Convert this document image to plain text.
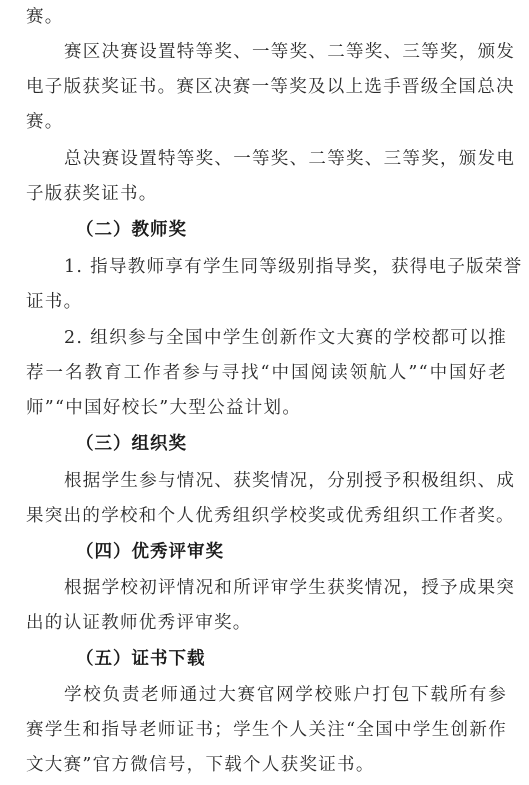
赛。
赛区决赛设置特等奖、一等奖、二等奖、三等奖，颁发
电子版获奖证书。赛区决赛一等奖及以上选手晋级全国总决
赛。
总决赛设置特等奖、一等奖、二等奖、三等奖，颁发电
子版获奖证书。
（二）教师奖
1. 指导教师享有学生同等级别指导奖，获得电子版荣誉
证书。
2. 组织参与全国中学生创新作文大赛的学校都可以推
荐一名教育工作者参与寻找“中国阅读领航人”“中国好老
师”“中国好校长”大型公益计划。
（三）组织奖
根据学生参与情况、获奖情况，分别授予积极组织、成
果突出的学校和个人优秀组织学校奖或优秀组织工作者奖。
（四）优秀评审奖
根据学校初评情况和所评审学生获奖情况，授予成果突
出的认证教师优秀评审奖。
（五）证书下载
学校负责老师通过大赛官网学校账户打包下载所有参
赛学生和指导老师证书；学生个人关注“全国中学生创新作
文大赛”官方微信号，下载个人获奖证书。
